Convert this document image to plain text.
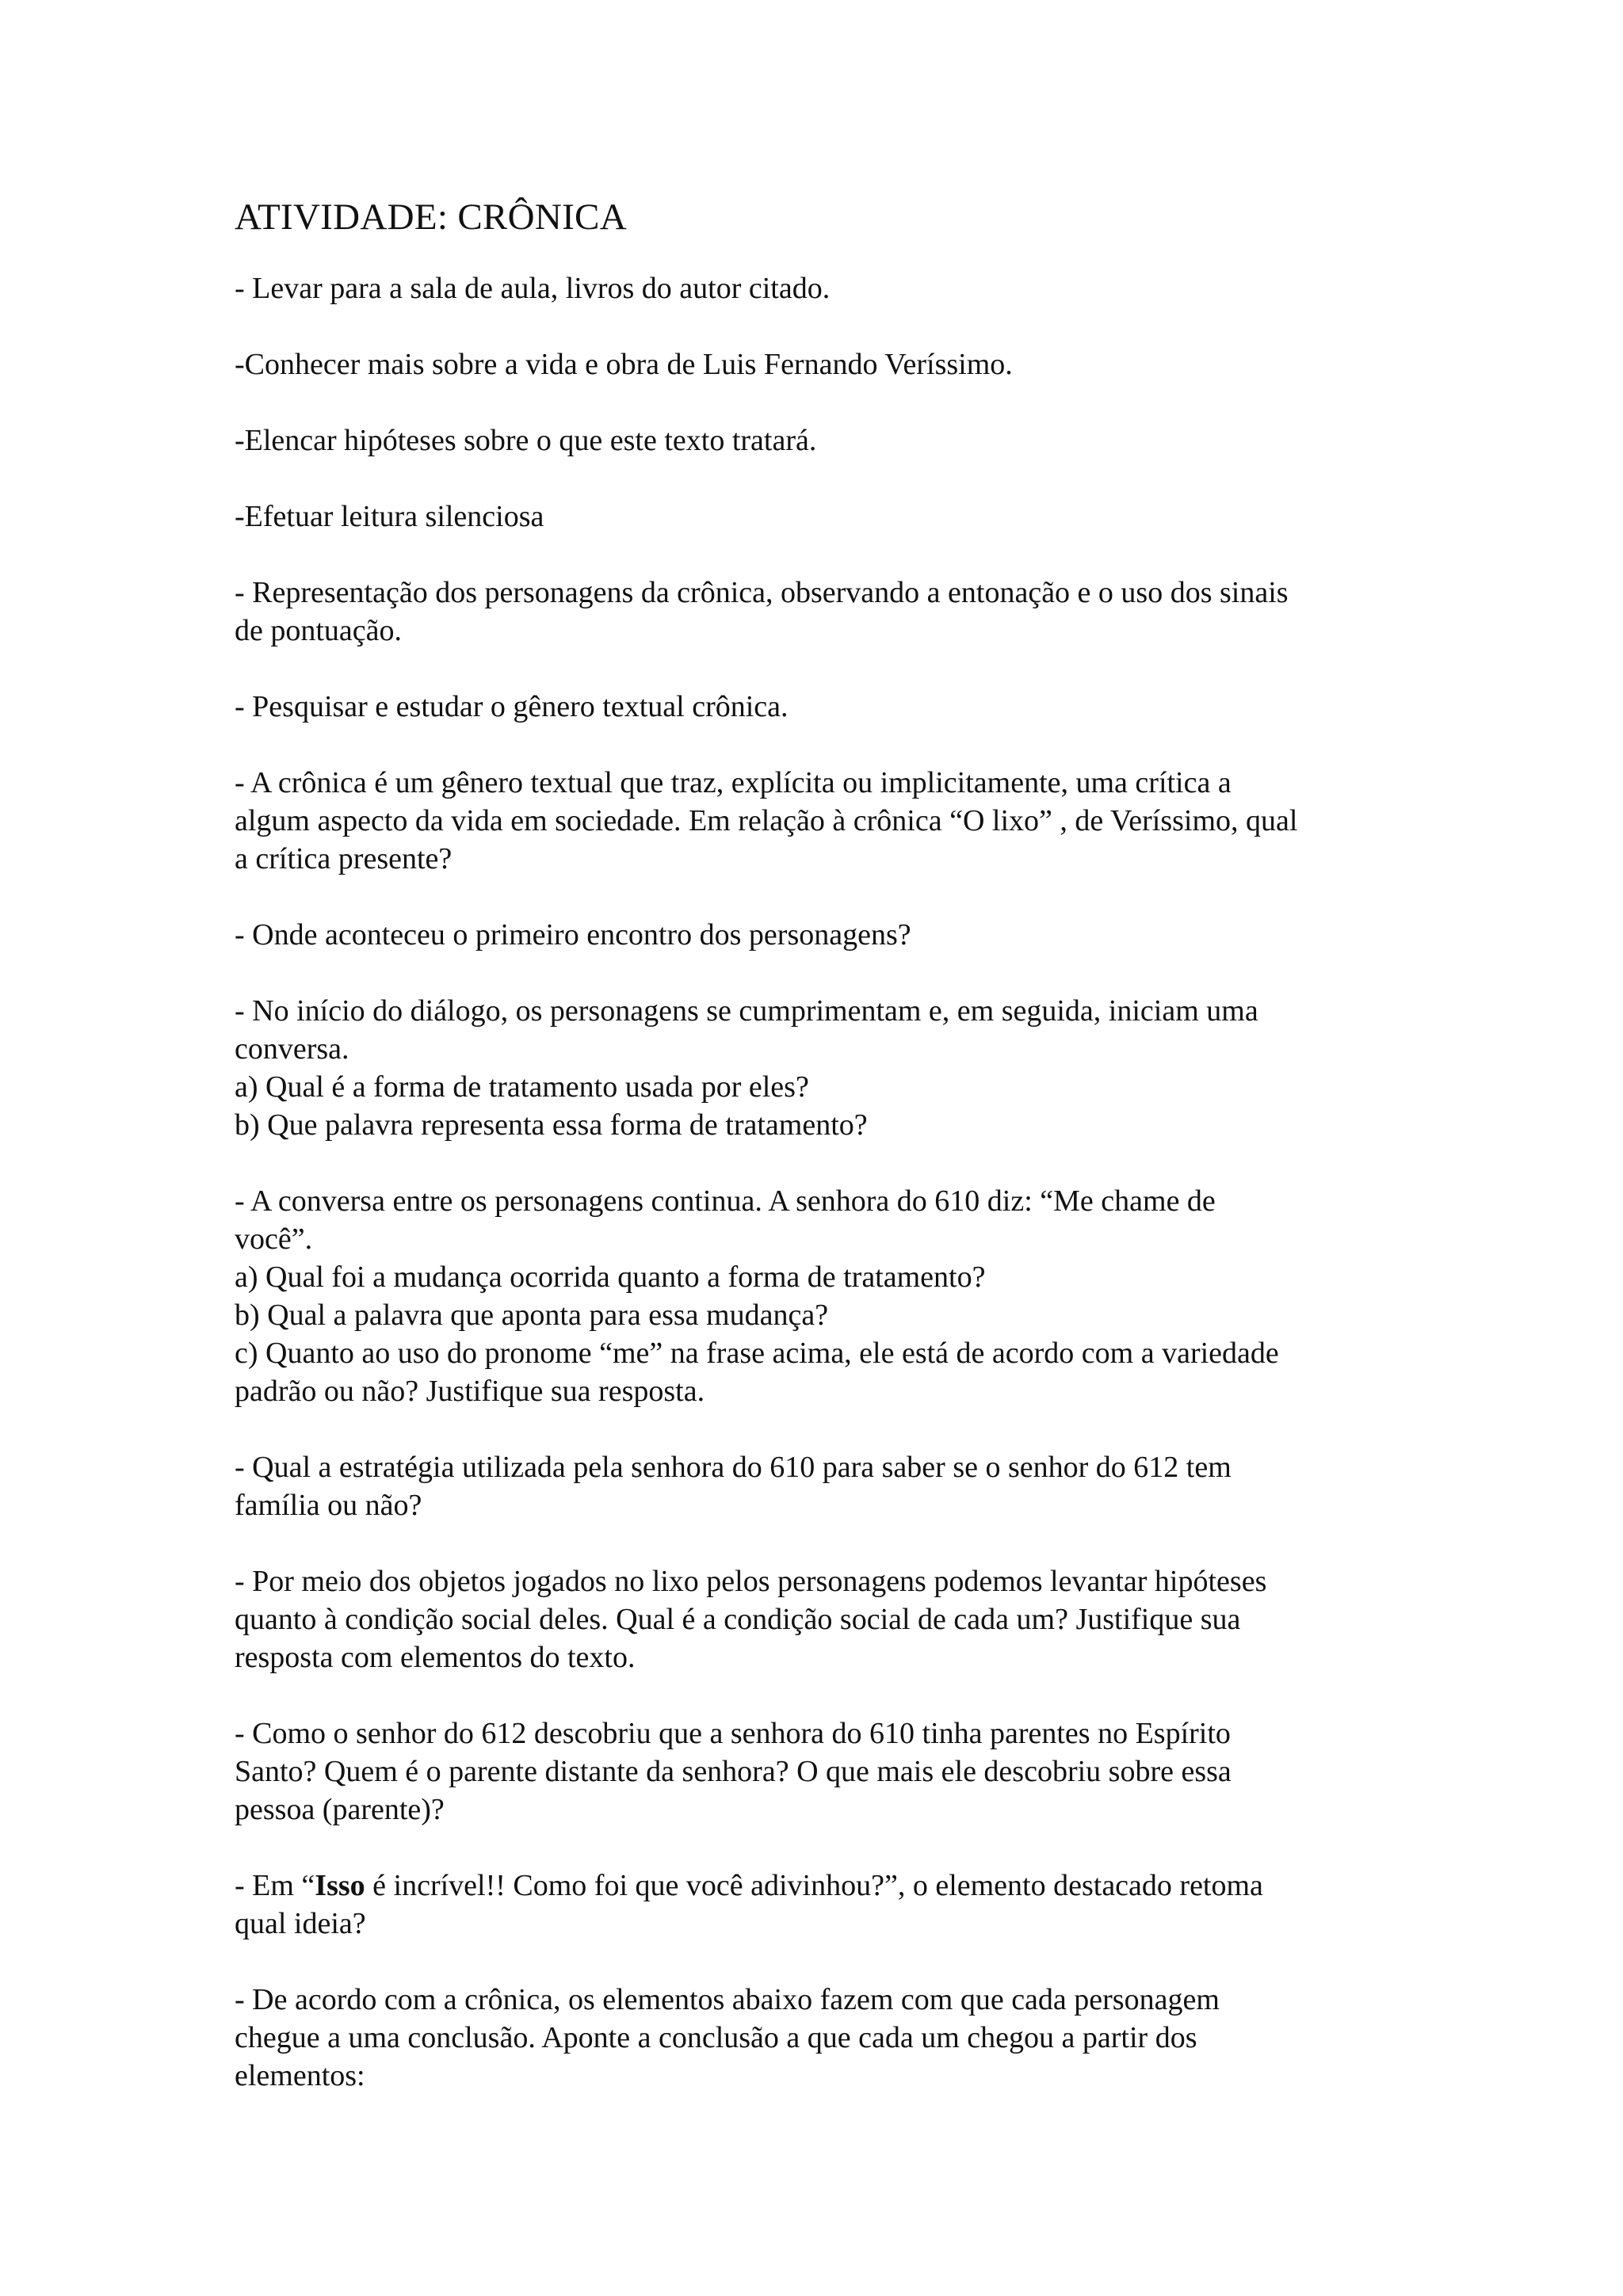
ATIVIDADE: CRÔNICA
- Levar para a sala de aula, livros do autor citado.
-Conhecer mais sobre a vida e obra de Luis Fernando Veríssimo.
-Elencar hipóteses sobre o que este texto tratará.
-Efetuar leitura silenciosa
- Representação dos personagens da crônica, observando a entonação e o uso dos sinais
de pontuação.
- Pesquisar e estudar o gênero textual crônica.
- A crônica é um gênero textual que traz, explícita ou implicitamente, uma crítica a
algum aspecto da vida em sociedade. Em relação à crônica “O lixo” , de Veríssimo, qual
a crítica presente?
- Onde aconteceu o primeiro encontro dos personagens?
- No início do diálogo, os personagens se cumprimentam e, em seguida, iniciam uma
conversa.
a) Qual é a forma de tratamento usada por eles?
b) Que palavra representa essa forma de tratamento?
- A conversa entre os personagens continua. A senhora do 610 diz: “Me chame de
você”.
a) Qual foi a mudança ocorrida quanto a forma de tratamento?
b) Qual a palavra que aponta para essa mudança?
c) Quanto ao uso do pronome “me” na frase acima, ele está de acordo com a variedade
padrão ou não? Justifique sua resposta.
- Qual a estratégia utilizada pela senhora do 610 para saber se o senhor do 612 tem
família ou não?
- Por meio dos objetos jogados no lixo pelos personagens podemos levantar hipóteses
quanto à condição social deles. Qual é a condição social de cada um? Justifique sua
resposta com elementos do texto.
- Como o senhor do 612 descobriu que a senhora do 610 tinha parentes no Espírito
Santo? Quem é o parente distante da senhora? O que mais ele descobriu sobre essa
pessoa (parente)?
- Em “Isso é incrível!! Como foi que você adivinhou?”, o elemento destacado retoma
qual ideia?
- De acordo com a crônica, os elementos abaixo fazem com que cada personagem
chegue a uma conclusão. Aponte a conclusão a que cada um chegou a partir dos
elementos:
